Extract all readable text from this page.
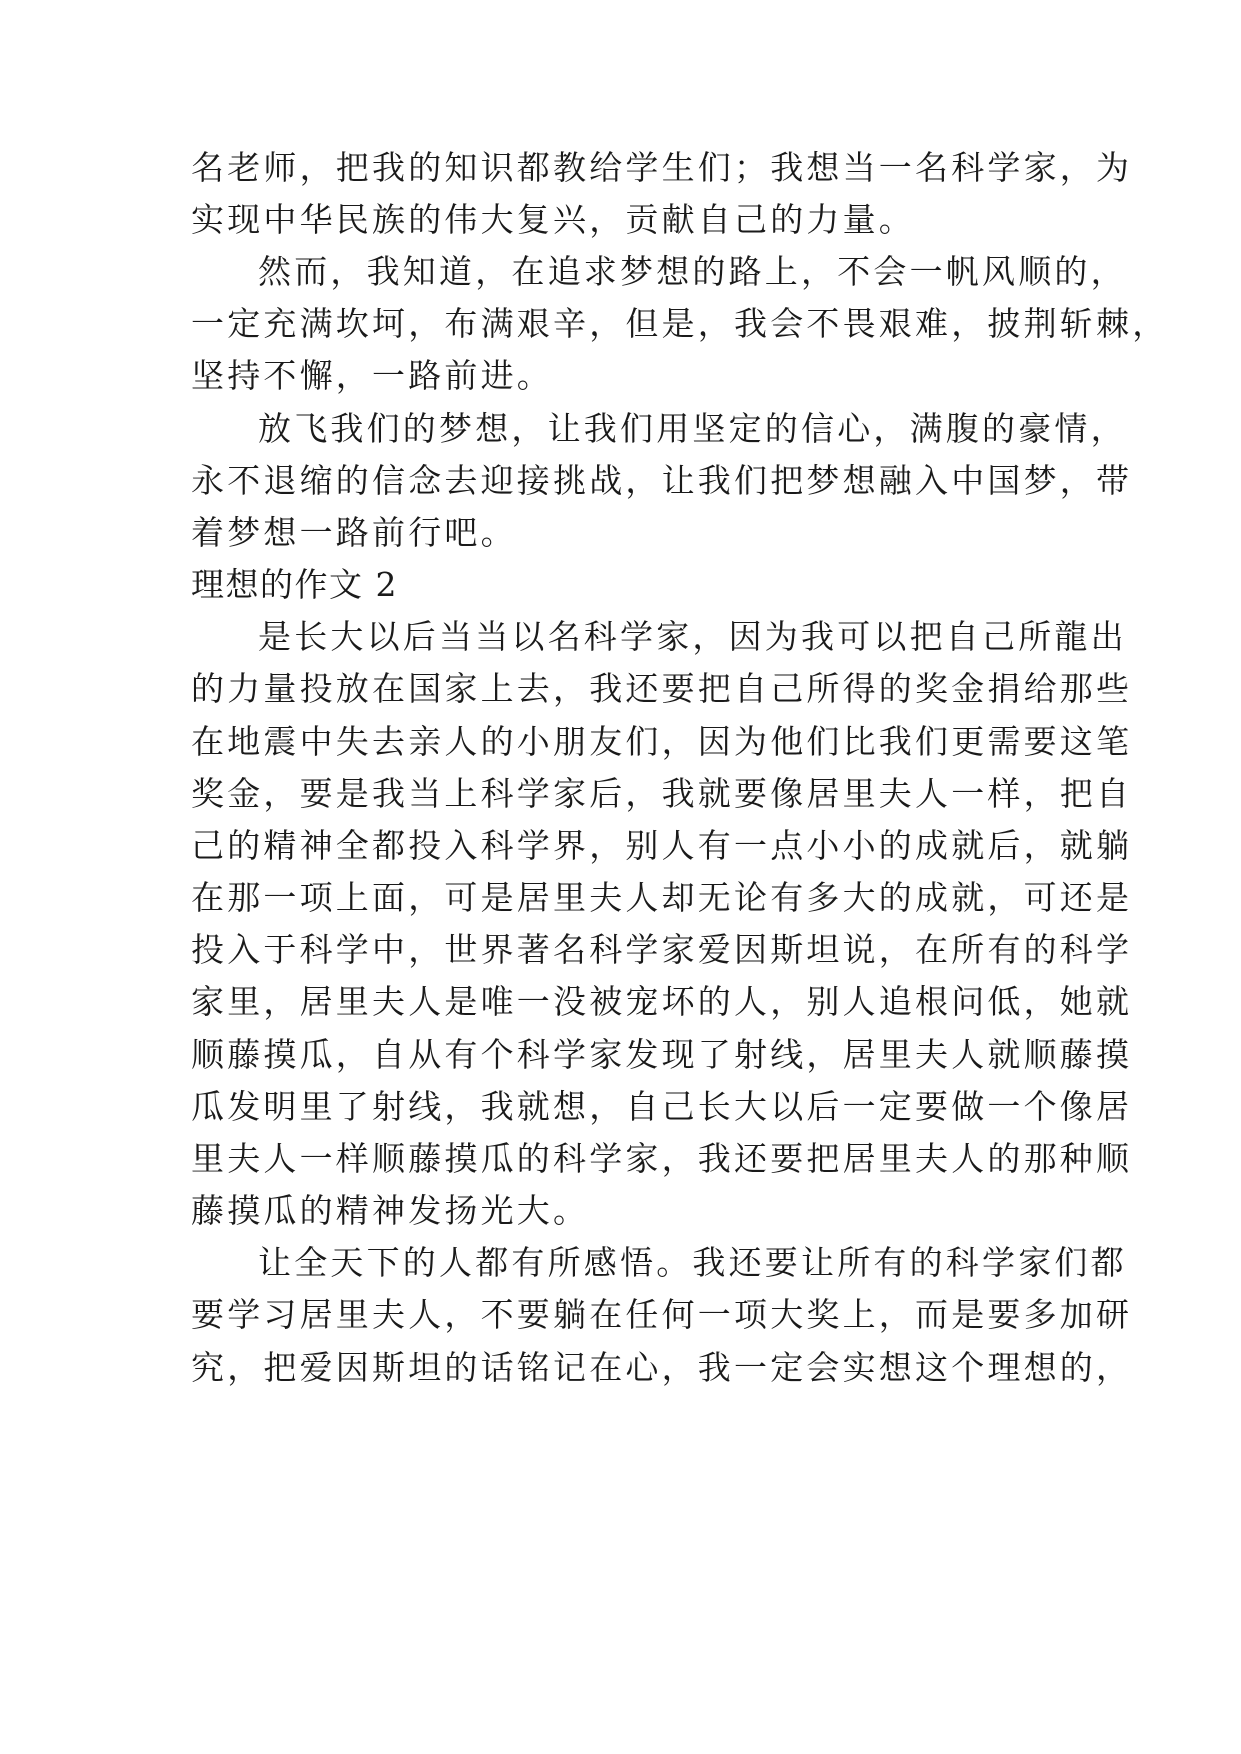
名老师，把我的知识都教给学生们；我想当一名科学家，为
实现中华民族的伟大复兴，贡献自己的力量。
然而，我知道，在追求梦想的路上，不会一帆风顺的，
一定充满坎坷，布满艰辛，但是，我会不畏艰难，披荆斩棘，
坚持不懈，一路前进。
放飞我们的梦想，让我们用坚定的信心，满腹的豪情，
永不退缩的信念去迎接挑战，让我们把梦想融入中国梦，带
着梦想一路前行吧。
理想的作文 2
是长大以后当当以名科学家，因为我可以把自己所龍出
的力量投放在国家上去，我还要把自己所得的奖金捐给那些
在地震中失去亲人的小朋友们，因为他们比我们更需要这笔
奖金，要是我当上科学家后，我就要像居里夫人一样，把自
己的精神全都投入科学界，别人有一点小小的成就后，就躺
在那一项上面，可是居里夫人却无论有多大的成就，可还是
投入于科学中，世界著名科学家爱因斯坦说，在所有的科学
家里，居里夫人是唯一没被宠坏的人，别人追根问低，她就
顺藤摸瓜，自从有个科学家发现了射线，居里夫人就顺藤摸
瓜发明里了射线，我就想，自己长大以后一定要做一个像居
里夫人一样顺藤摸瓜的科学家，我还要把居里夫人的那种顺
藤摸瓜的精神发扬光大。
让全天下的人都有所感悟。我还要让所有的科学家们都
要学习居里夫人，不要躺在任何一项大奖上，而是要多加研
究，把爱因斯坦的话铭记在心，我一定会实想这个理想的，
